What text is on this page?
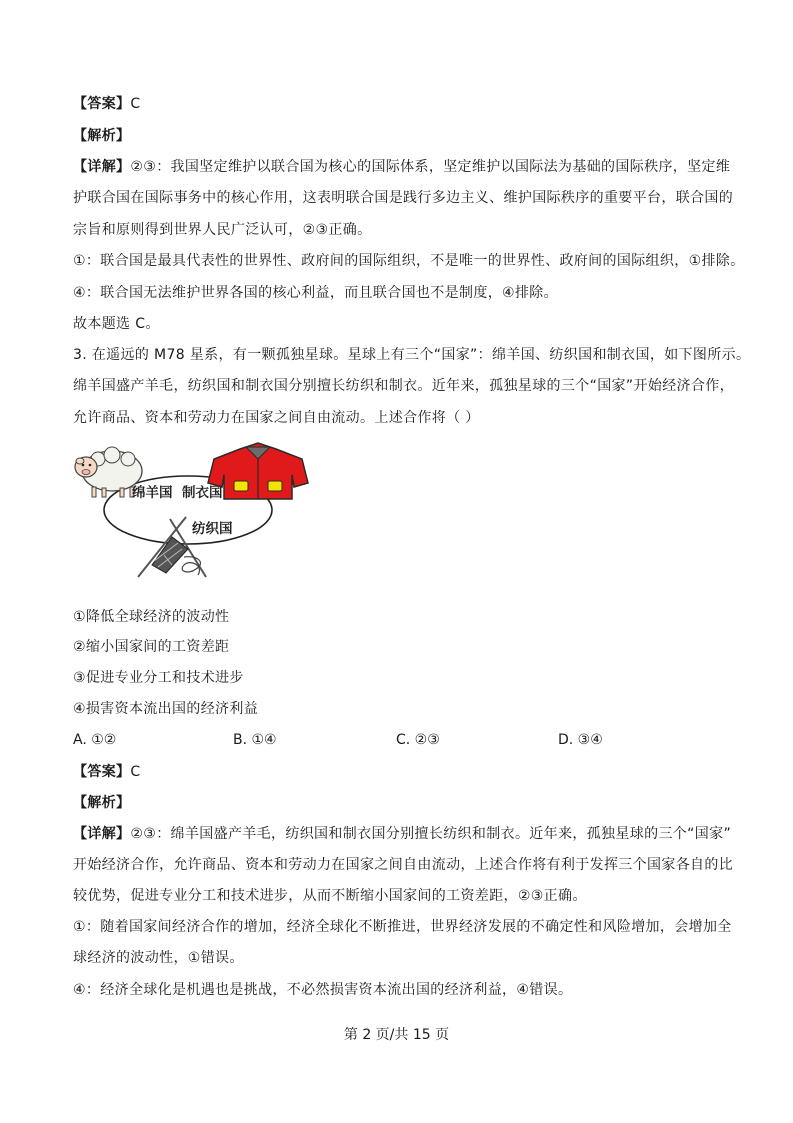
【答案】C

【解析】

【详解】②③：我国坚定维护以联合国为核心的国际体系，坚定维护以国际法为基础的国际秩序，坚定维

护联合国在国际事务中的核心作用，这表明联合国是践行多边主义、维护国际秩序的重要平台，联合国的

宗旨和原则得到世界人民广泛认可，②③正确。

①：联合国是最具代表性的世界性、政府间的国际组织，不是唯一的世界性、政府间的国际组织，①排除。

④：联合国无法维护世界各国的核心利益，而且联合国也不是制度，④排除。

故本题选 C。

3. 在遥远的 M78 星系，有一颗孤独星球。星球上有三个“国家”：绵羊国、纺织国和制衣国，如下图所示。

绵羊国盛产羊毛，纺织国和制衣国分别擅长纺织和制衣。近年来，孤独星球的三个“国家”开始经济合作，

允许商品、资本和劳动力在国家之间自由流动。上述合作将（ ）

绵羊国 制衣国
纺织国

①降低全球经济的波动性

②缩小国家间的工资差距

③促进专业分工和技术进步

④损害资本流出国的经济利益

A. ①②	B. ①④	C. ②③	D. ③④

【答案】C

【解析】

【详解】②③：绵羊国盛产羊毛，纺织国和制衣国分别擅长纺织和制衣。近年来，孤独星球的三个“国家”

开始经济合作，允许商品、资本和劳动力在国家之间自由流动，上述合作将有利于发挥三个国家各自的比

较优势，促进专业分工和技术进步，从而不断缩小国家间的工资差距，②③正确。

①：随着国家间经济合作的增加，经济全球化不断推进，世界经济发展的不确定性和风险增加，会增加全

球经济的波动性，①错误。

④：经济全球化是机遇也是挑战，不必然损害资本流出国的经济利益，④错误。

第 2 页/共 15 页
